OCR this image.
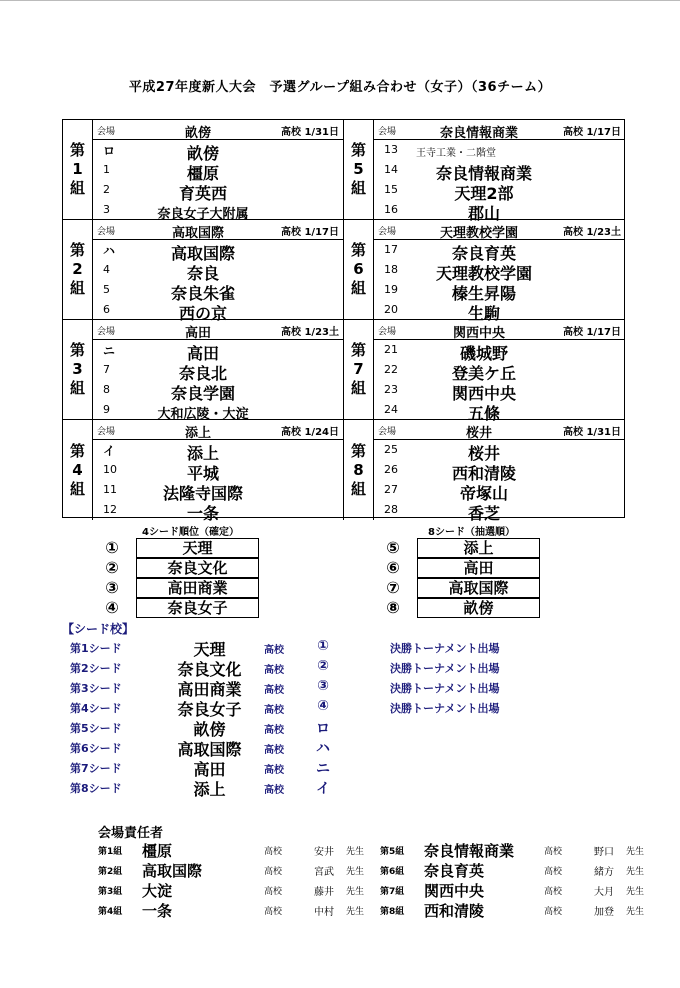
平成27年度新人大会　予選グループ組み合わせ（女子）（36チーム）
第
1
組
会場	畝傍	高校 1/31日
ロ	畝傍
1	橿原
2	育英西
3	奈良女子大附属
第
2
組
会場	高取国際	高校 1/17日
ハ	高取国際
4	奈良
5	奈良朱雀
6	西の京
第
3
組
会場	高田	高校 1/23土
ニ	高田
7	奈良北
8	奈良学園
9	大和広陵・大淀
第
4
組
会場	添上	高校 1/24日
イ	添上
10	平城
11	法隆寺国際
12	一条
第
5
組
会場	奈良情報商業	高校 1/17日
13 王寺工業・二階堂
14	奈良情報商業
15	天理2部
16	郡山
第
6
組
会場	天理教校学園	高校 1/23土
17	奈良育英
18	天理教校学園
19	榛生昇陽
20	生駒
第
7
組
会場	関西中央	高校 1/17日
21	磯城野
22	登美ケ丘
23	関西中央
24	五條
第
8
組
会場	桜井	高校 1/31日
25	桜井
26	西和清陵
27	帝塚山
28	香芝
4シード順位（確定）	8シード（抽選順）
①	天理
②	奈良文化
③	高田商業
④	奈良女子
⑤	添上
⑥	高田
⑦	高取国際
⑧	畝傍
【シード校】
第1シード	天理	高校	①	決勝トーナメント出場
第2シード	奈良文化	高校	②	決勝トーナメント出場
第3シード	高田商業	高校	③	決勝トーナメント出場
第4シード	奈良女子	高校	④	決勝トーナメント出場
第5シード	畝傍	高校	ロ
第6シード	高取国際	高校	ハ
第7シード	高田	高校	ニ
第8シード	添上	高校	イ
会場責任者
第1組 橿原	高校	安井 先生 第5組 奈良情報商業	高校	野口 先生
第2組 高取国際	高校	宮武 先生 第6組 奈良育英	高校	緒方 先生
第3組 大淀	高校	藤井 先生 第7組 関西中央	高校	大月 先生
第4組 一条	高校	中村 先生 第8組 西和清陵	高校	加登 先生
